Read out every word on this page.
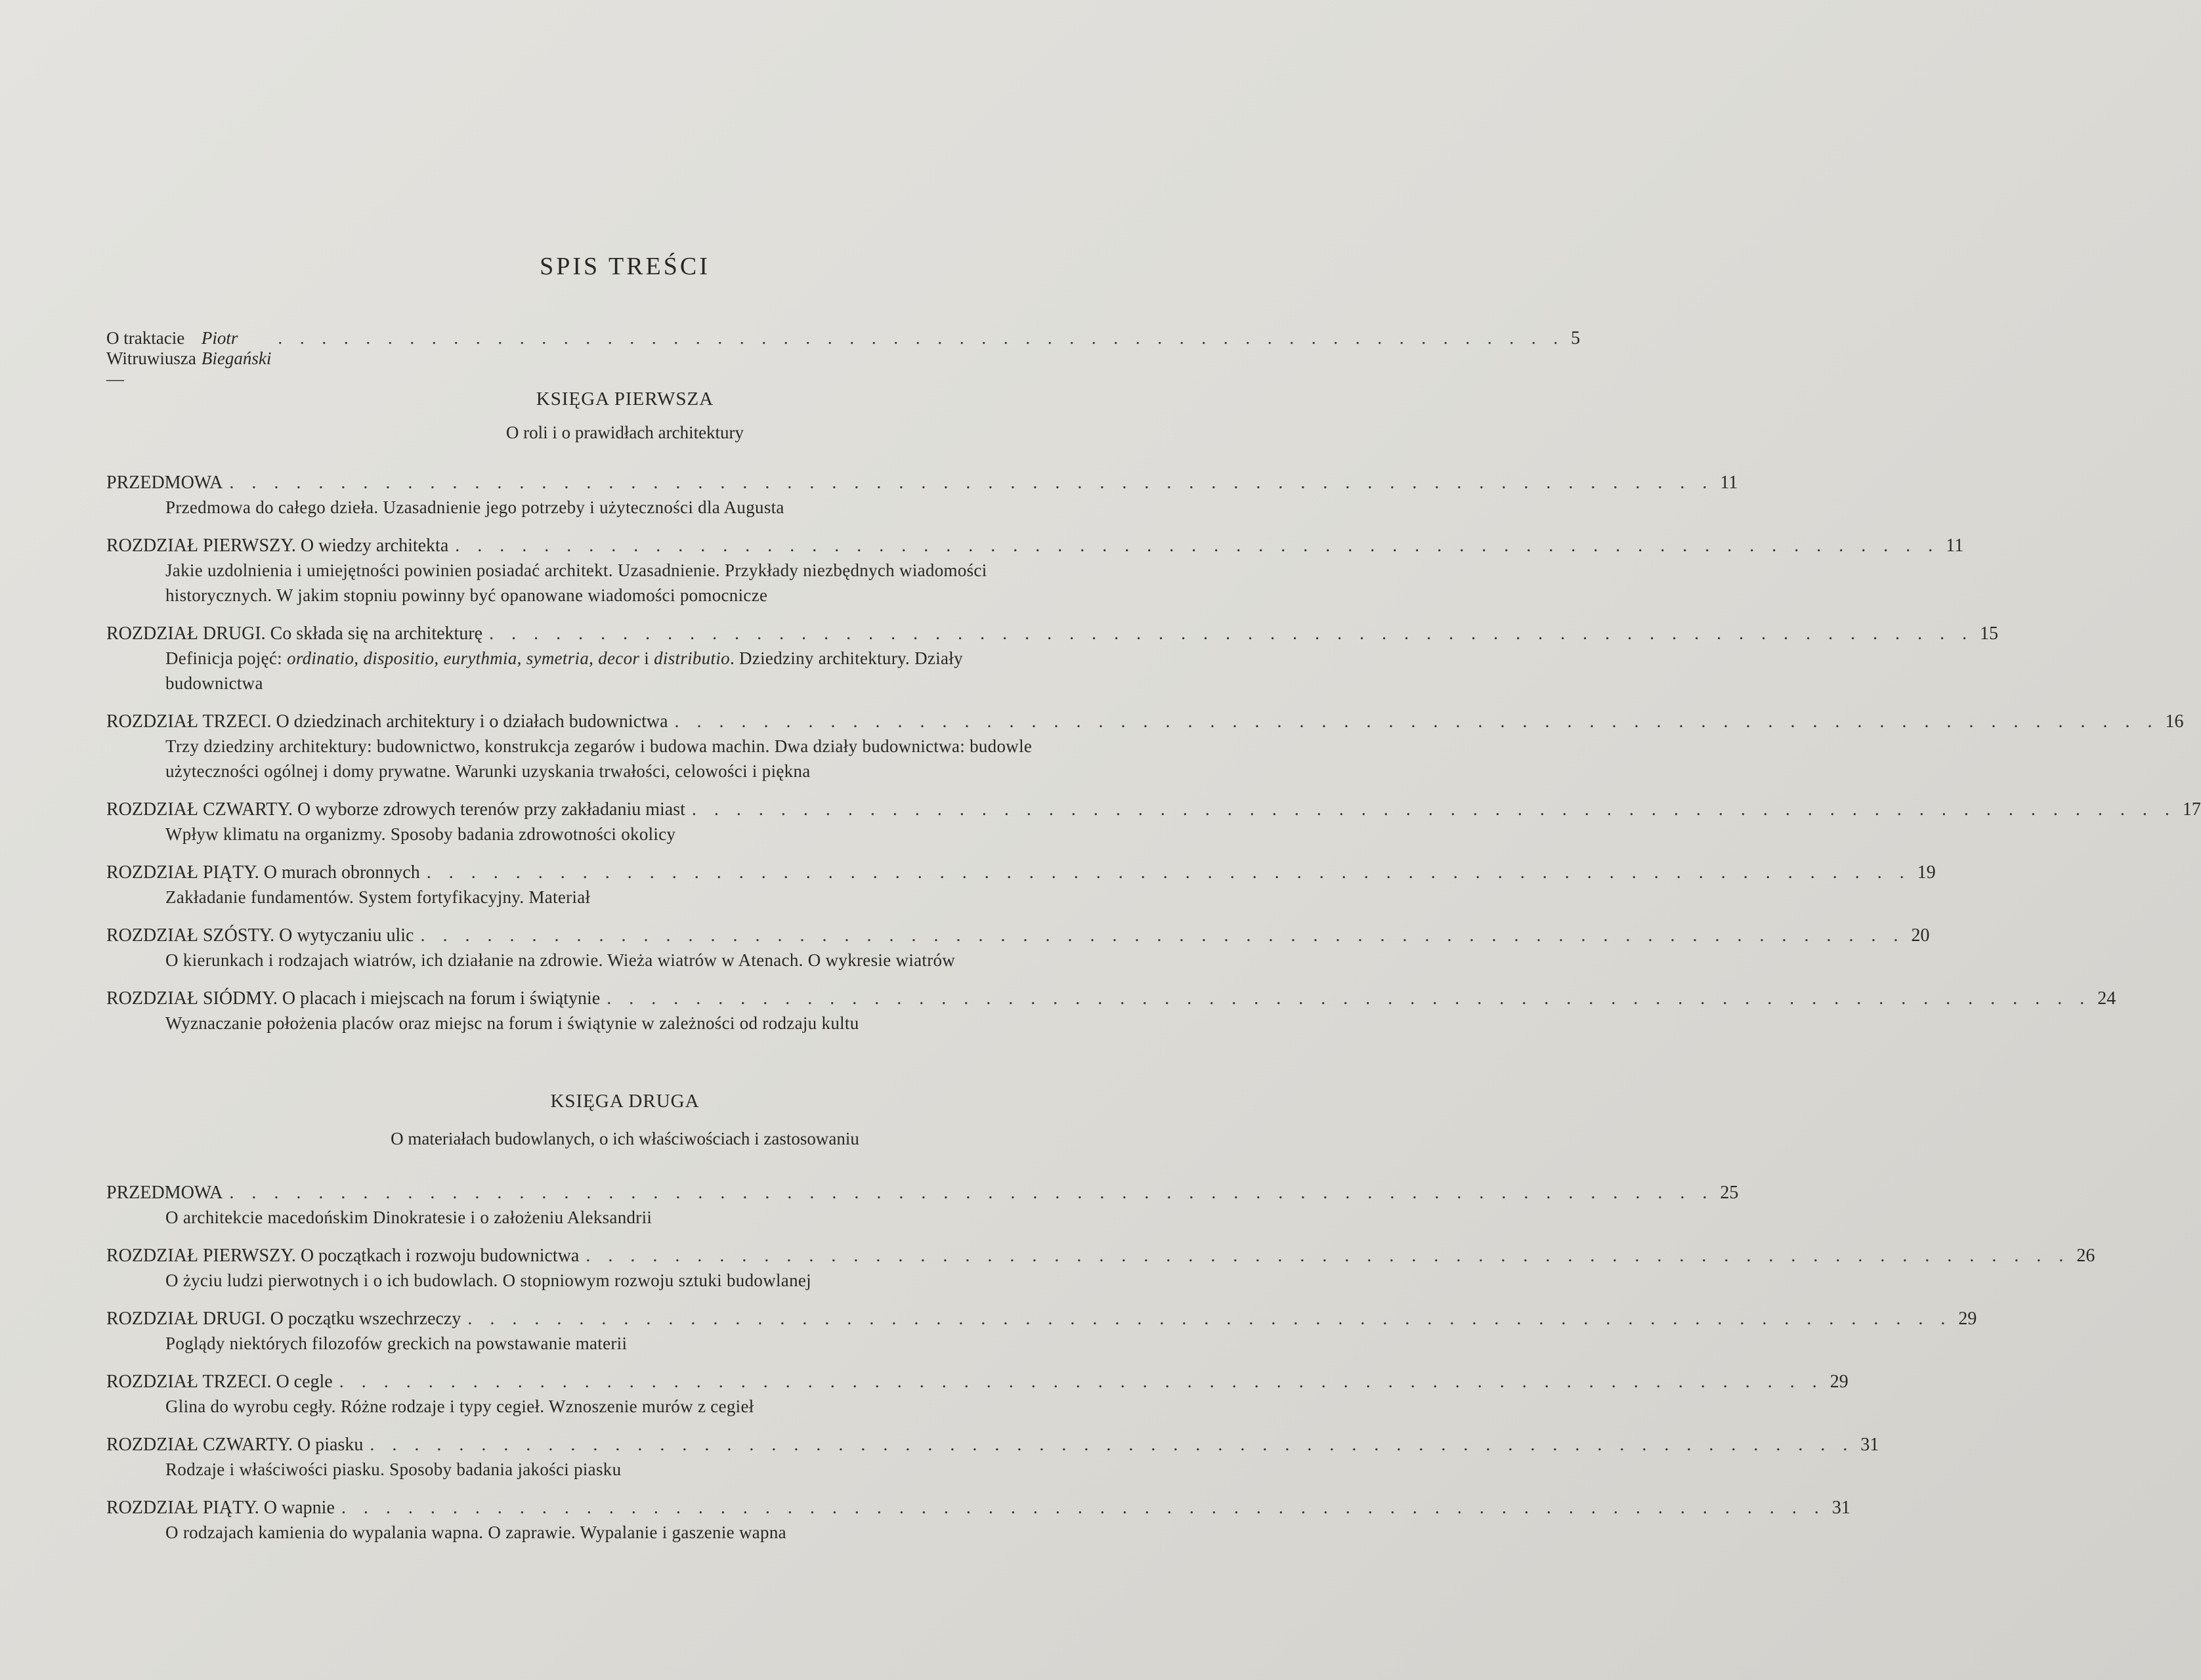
SPIS TREŚCI
O traktacie Witruwiusza —
Piotr Biegański
. . . . . . . . . . . . . . . . . . . . . . . . . . . . . . . . . . . . . . . . . . . . . . . . . . . . . . . . . . . 5
KSIĘGA PIERWSZA
O roli i o prawidłach architektury
PRZEDMOWA . . . . . . . . . . . . . . . . . . . . . . . . . . . . . . . . . . . . . . . . . . . . . . . . . . . . . . . . . . . . . . . . . . . 11
Przedmowa do całego dzieła. Uzasadnienie jego potrzeby i użyteczności dla Augusta
ROZDZIAŁ PIERWSZY. O wiedzy architekta . . . . . . . . . . . . . . . . . . . . . . . . . . . . . . . . . . . . . . . . . . . . . . . . . . . . . . . . . . . . . . . . . . . 11
Jakie uzdolnienia i umiejętności powinien posiadać architekt. Uzasadnienie. Przykłady niezbędnych wiadomości historycznych. W jakim stopniu powinny być opanowane wiadomości pomocnicze
ROZDZIAŁ DRUGI. Co składa się na architekturę . . . . . . . . . . . . . . . . . . . . . . . . . . . . . . . . . . . . . . . . . . . . . . . . . . . . . . . . . . . . . . . . . . . 15
Definicja pojęć: ordinatio, dispositio, eurythmia, symetria, decor i distributio. Dziedziny architektury. Działy budownictwa
ROZDZIAŁ TRZECI. O dziedzinach architektury i o działach budownictwa . . . . . . . . . . . . . . . . . . . . . . . . . . . . . . . . . . . . . . . . . . . . . . . . . . . . . . . . . . . . . . . . . . . 16
Trzy dziedziny architektury: budownictwo, konstrukcja zegarów i budowa machin. Dwa działy budownictwa: budowle użyteczności ogólnej i domy prywatne. Warunki uzyskania trwałości, celowości i piękna
ROZDZIAŁ CZWARTY. O wyborze zdrowych terenów przy zakładaniu miast . . . . . . . . . . . . . . . . . . . . . . . . . . . . . . . . . . . . . . . . . . . . . . . . . . . . . . . . . . . . . . . . . . . 17
Wpływ klimatu na organizmy. Sposoby badania zdrowotności okolicy
ROZDZIAŁ PIĄTY. O murach obronnych . . . . . . . . . . . . . . . . . . . . . . . . . . . . . . . . . . . . . . . . . . . . . . . . . . . . . . . . . . . . . . . . . . . 19
Zakładanie fundamentów. System fortyfikacyjny. Materiał
ROZDZIAŁ SZÓSTY. O wytyczaniu ulic . . . . . . . . . . . . . . . . . . . . . . . . . . . . . . . . . . . . . . . . . . . . . . . . . . . . . . . . . . . . . . . . . . . 20
O kierunkach i rodzajach wiatrów, ich działanie na zdrowie. Wieża wiatrów w Atenach. O wykresie wiatrów
ROZDZIAŁ SIÓDMY. O placach i miejscach na forum i świątynie . . . . . . . . . . . . . . . . . . . . . . . . . . . . . . . . . . . . . . . . . . . . . . . . . . . . . . . . . . . . . . . . . . . 24
Wyznaczanie położenia placów oraz miejsc na forum i świątynie w zależności od rodzaju kultu
KSIĘGA DRUGA
O materiałach budowlanych, o ich właściwościach i zastosowaniu
PRZEDMOWA . . . . . . . . . . . . . . . . . . . . . . . . . . . . . . . . . . . . . . . . . . . . . . . . . . . . . . . . . . . . . . . . . . . 25
O architekcie macedońskim Dinokratesie i o założeniu Aleksandrii
ROZDZIAŁ PIERWSZY. O początkach i rozwoju budownictwa . . . . . . . . . . . . . . . . . . . . . . . . . . . . . . . . . . . . . . . . . . . . . . . . . . . . . . . . . . . . . . . . . . . 26
O życiu ludzi pierwotnych i o ich budowlach. O stopniowym rozwoju sztuki budowlanej
ROZDZIAŁ DRUGI. O początku wszechrzeczy . . . . . . . . . . . . . . . . . . . . . . . . . . . . . . . . . . . . . . . . . . . . . . . . . . . . . . . . . . . . . . . . . . . 29
Poglądy niektórych filozofów greckich na powstawanie materii
ROZDZIAŁ TRZECI. O cegle . . . . . . . . . . . . . . . . . . . . . . . . . . . . . . . . . . . . . . . . . . . . . . . . . . . . . . . . . . . . . . . . . . . 29
Glina do wyrobu cegły. Różne rodzaje i typy cegieł. Wznoszenie murów z cegieł
ROZDZIAŁ CZWARTY. O piasku . . . . . . . . . . . . . . . . . . . . . . . . . . . . . . . . . . . . . . . . . . . . . . . . . . . . . . . . . . . . . . . . . . . 31
Rodzaje i właściwości piasku. Sposoby badania jakości piasku
ROZDZIAŁ PIĄTY. O wapnie . . . . . . . . . . . . . . . . . . . . . . . . . . . . . . . . . . . . . . . . . . . . . . . . . . . . . . . . . . . . . . . . . . . 31
O rodzajach kamienia do wypalania wapna. O zaprawie. Wypalanie i gaszenie wapna
